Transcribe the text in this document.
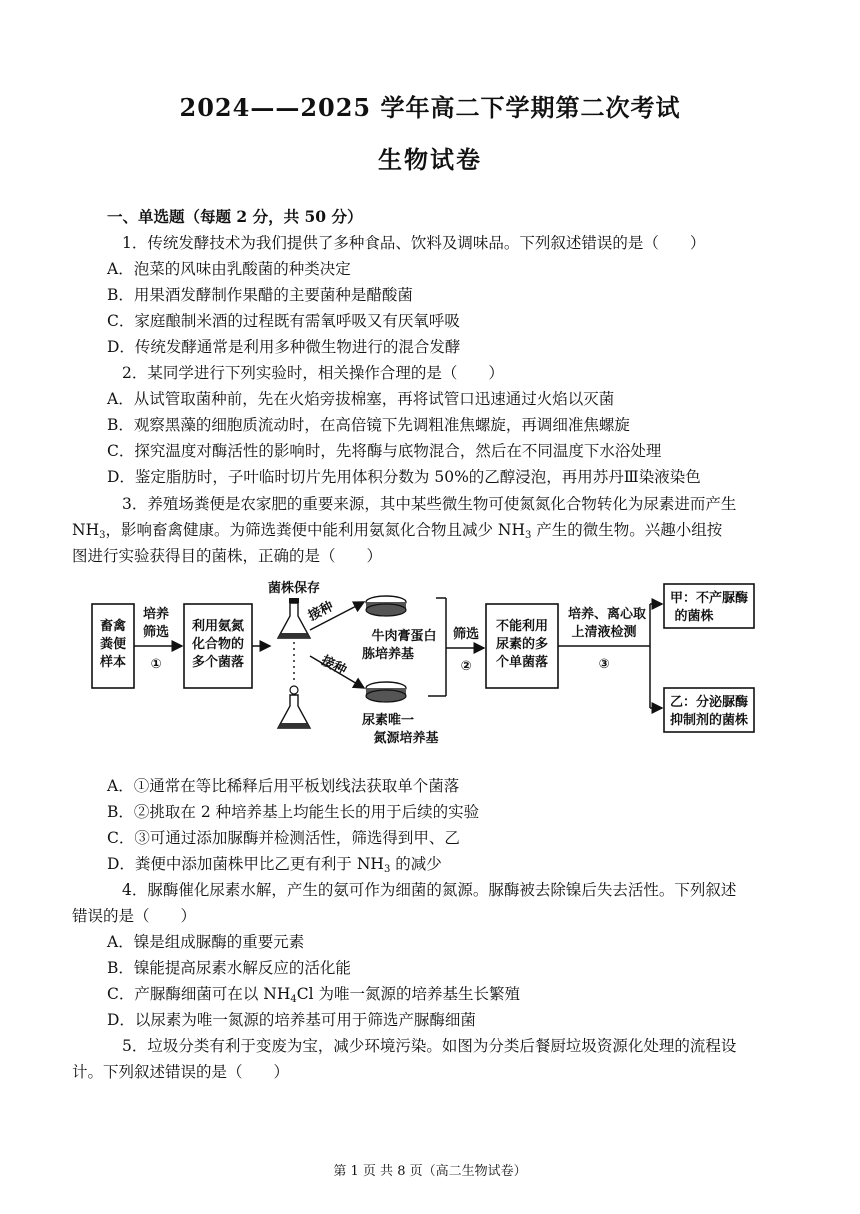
2024——2025 学年高二下学期第二次考试
生物试卷
一、单选题（每题 2 分，共 50 分）
1．传统发酵技术为我们提供了多种食品、饮料及调味品。下列叙述错误的是（　　）
A．泡菜的风味由乳酸菌的种类决定
B．用果酒发酵制作果醋的主要菌种是醋酸菌
C．家庭酿制米酒的过程既有需氧呼吸又有厌氧呼吸
D．传统发酵通常是利用多种微生物进行的混合发酵
2．某同学进行下列实验时，相关操作合理的是（　　）
A．从试管取菌种前，先在火焰旁拔棉塞，再将试管口迅速通过火焰以灭菌
B．观察黑藻的细胞质流动时，在高倍镜下先调粗准焦螺旋，再调细准焦螺旋
C．探究温度对酶活性的影响时，先将酶与底物混合，然后在不同温度下水浴处理
D．鉴定脂肪时，子叶临时切片先用体积分数为 50%的乙醇浸泡，再用苏丹Ⅲ染液染色
3．养殖场粪便是农家肥的重要来源，其中某些微生物可使氮氮化合物转化为尿素进而产生
$NH_3$，影响畜禽健康。为筛选粪便中能利用氨氮化合物且减少 $NH_3$ 产生的微生物。兴趣小组按
图进行实验获得目的菌株，正确的是（　　）
畜禽
粪便
样本
培养
筛选
①
利用氨氮
化合物的
多个菌落
菌株保存
接种
接种
牛肉膏蛋白
胨培养基
尿素唯一
氮源培养基
筛选
②
不能利用
尿素的多
个单菌落
培养、离心取
上清液检测
③
甲：不产脲酶
的菌株
乙：分泌脲酶
抑制剂的菌株
A．①通常在等比稀释后用平板划线法获取单个菌落
B．②挑取在 2 种培养基上均能生长的用于后续的实验
C．③可通过添加脲酶并检测活性，筛选得到甲、乙
D．粪便中添加菌株甲比乙更有利于 $NH_3$ 的减少
4．脲酶催化尿素水解，产生的氨可作为细菌的氮源。脲酶被去除镍后失去活性。下列叙述
错误的是（　　）
A．镍是组成脲酶的重要元素
B．镍能提高尿素水解反应的活化能
C．产脲酶细菌可在以 $NH_4Cl$ 为唯一氮源的培养基生长繁殖
D．以尿素为唯一氮源的培养基可用于筛选产脲酶细菌
5．垃圾分类有利于变废为宝，减少环境污染。如图为分类后餐厨垃圾资源化处理的流程设
计。下列叙述错误的是（　　）
第 1 页 共 8 页（高二生物试卷）
